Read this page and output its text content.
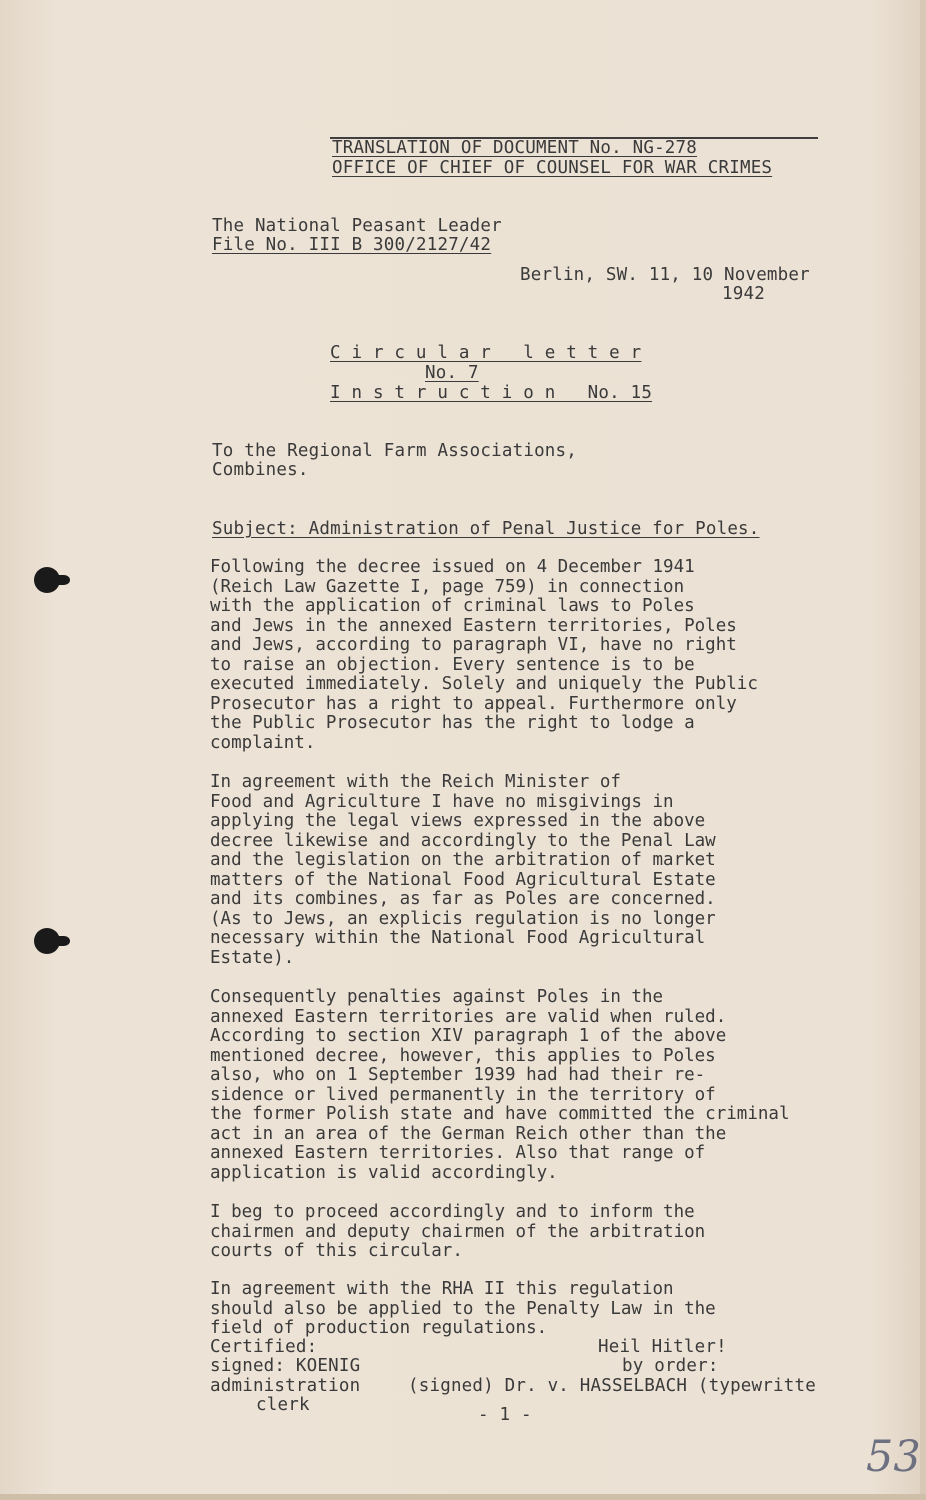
TRANSLATION OF DOCUMENT No. NG-278
OFFICE OF CHIEF OF COUNSEL FOR WAR CRIMES
The National Peasant Leader
File No. III B 300/2127/42
Berlin, SW. 11, 10 November
1942
C i r c u l a r   l e t t e r
No. 7
I n s t r u c t i o n   No. 15
To the Regional Farm Associations,
Combines.
Subject: Administration of Penal Justice for Poles.
Following the decree issued on 4 December 1941
(Reich Law Gazette I, page 759) in connection
with the application of criminal laws to Poles
and Jews in the annexed Eastern territories, Poles
and Jews, according to paragraph VI, have no right
to raise an objection. Every sentence is to be
executed immediately. Solely and uniquely the Public
Prosecutor has a right to appeal. Furthermore only
the Public Prosecutor has the right to lodge a
complaint.
In agreement with the Reich Minister of
Food and Agriculture I have no misgivings in
applying the legal views expressed in the above
decree likewise and accordingly to the Penal Law
and the legislation on the arbitration of market
matters of the National Food Agricultural Estate
and its combines, as far as Poles are concerned.
(As to Jews, an explicis regulation is no longer
necessary within the National Food Agricultural
Estate).
Consequently penalties against Poles in the
annexed Eastern territories are valid when ruled.
According to section XIV paragraph 1 of the above
mentioned decree, however, this applies to Poles
also, who on 1 September 1939 had had their re-
sidence or lived permanently in the territory of
the former Polish state and have committed the criminal
act in an area of the German Reich other than the
annexed Eastern territories. Also that range of
application is valid accordingly.
I beg to proceed accordingly and to inform the
chairmen and deputy chairmen of the arbitration
courts of this circular.
In agreement with the RHA II this regulation
should also be applied to the Penalty Law in the
field of production regulations.
Certified:
signed: KOENIG
administration
clerk
Heil Hitler!
by order:
(signed) Dr. v. HASSELBACH (typewritte
- 1 -
53
